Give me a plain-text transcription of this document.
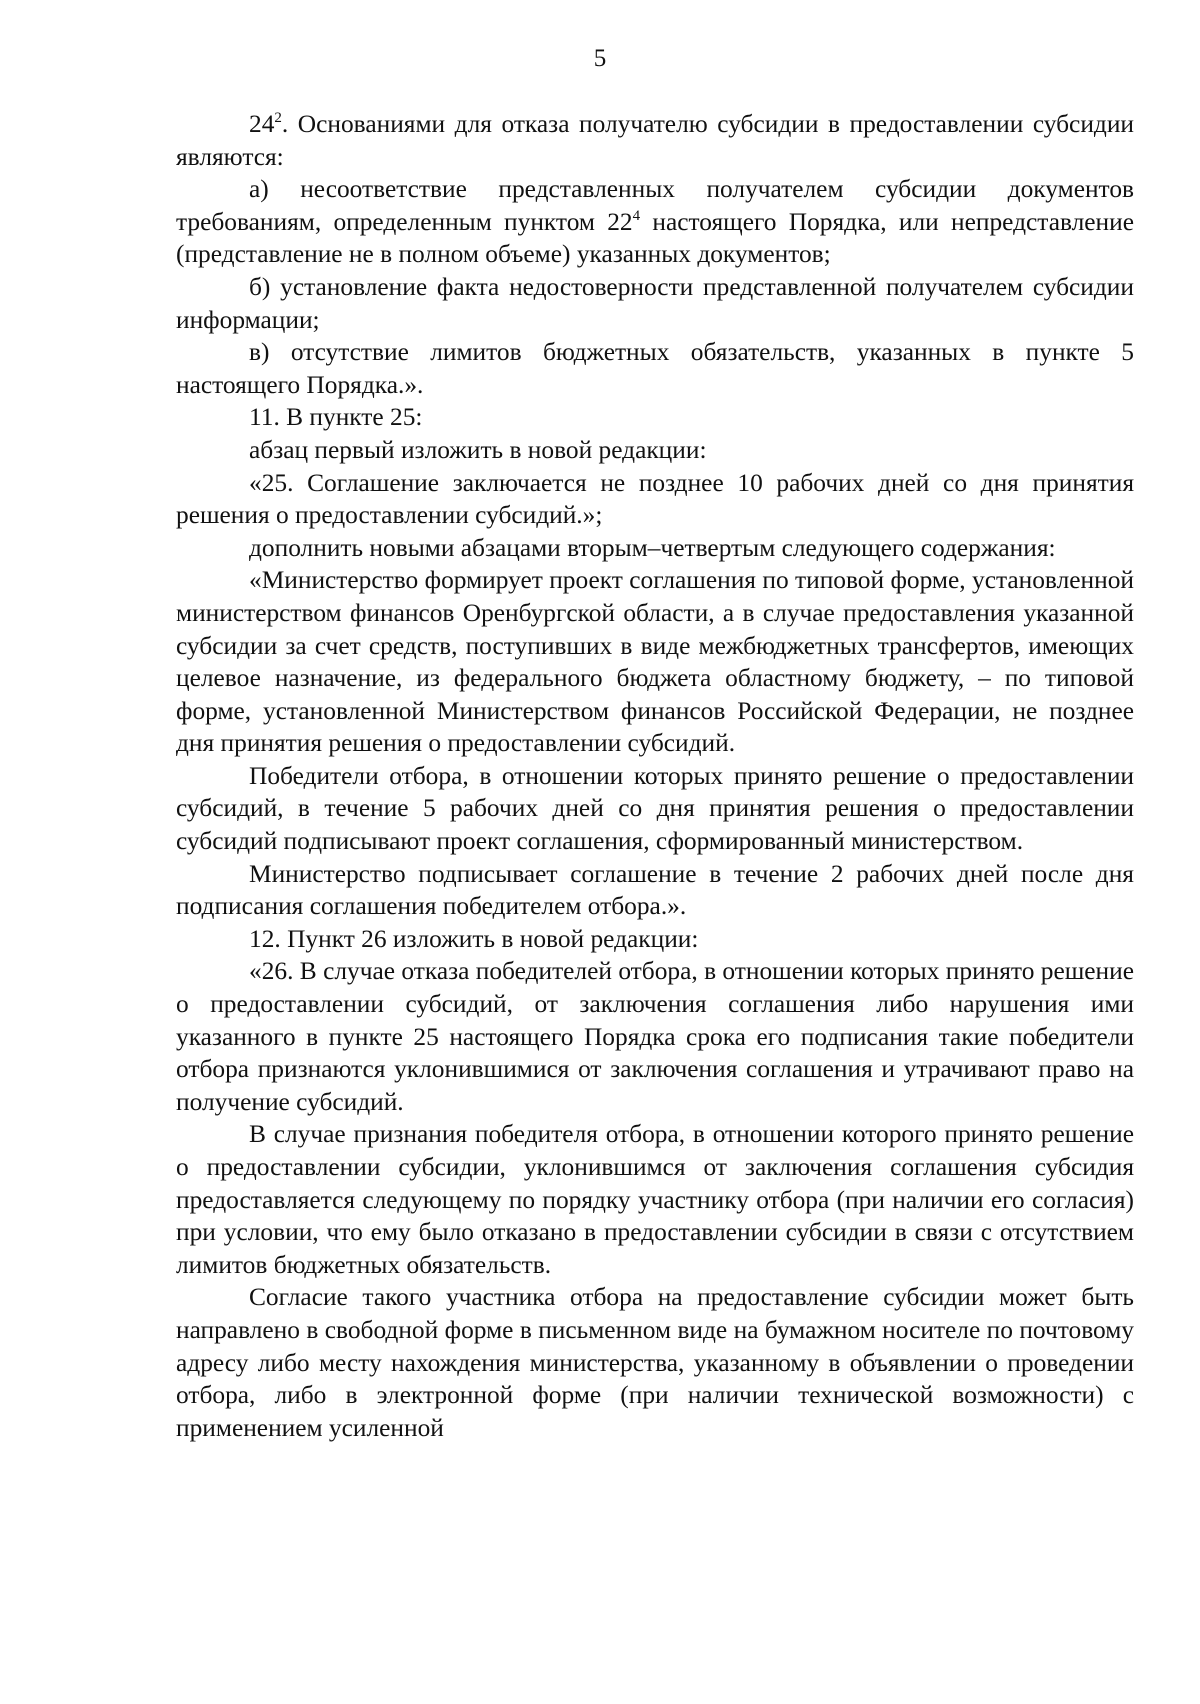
5

$24^2$. Основаниями для отказа получателю субсидии в предоставлении субсидии являются:

а) несоответствие представленных получателем субсидии документов требованиям, определенным пунктом $22^4$ настоящего Порядка, или непредставление (представление не в полном объеме) указанных документов;

б) установление факта недостоверности представленной получателем субсидии информации;

в) отсутствие лимитов бюджетных обязательств, указанных в пункте 5 настоящего Порядка.».

11. В пункте 25:

абзац первый изложить в новой редакции:

«25. Соглашение заключается не позднее 10 рабочих дней со дня принятия решения о предоставлении субсидий.»;

дополнить новыми абзацами вторым–четвертым следующего содержания:

«Министерство формирует проект соглашения по типовой форме, установленной министерством финансов Оренбургской области, а в случае предоставления указанной субсидии за счет средств, поступивших в виде межбюджетных трансфертов, имеющих целевое назначение, из федерального бюджета областному бюджету, – по типовой форме, установленной Министерством финансов Российской Федерации, не позднее дня принятия решения о предоставлении субсидий.

Победители отбора, в отношении которых принято решение о предоставлении субсидий, в течение 5 рабочих дней со дня принятия решения о предоставлении субсидий подписывают проект соглашения, сформированный министерством.

Министерство подписывает соглашение в течение 2 рабочих дней после дня подписания соглашения победителем отбора.».

12. Пункт 26 изложить в новой редакции:

«26. В случае отказа победителей отбора, в отношении которых принято решение о предоставлении субсидий, от заключения соглашения либо нарушения ими указанного в пункте 25 настоящего Порядка срока его подписания такие победители отбора признаются уклонившимися от заключения соглашения и утрачивают право на получение субсидий.

В случае признания победителя отбора, в отношении которого принято решение о предоставлении субсидии, уклонившимся от заключения соглашения субсидия предоставляется следующему по порядку участнику отбора (при наличии его согласия) при условии, что ему было отказано в предоставлении субсидии в связи с отсутствием лимитов бюджетных обязательств.

Согласие такого участника отбора на предоставление субсидии может быть направлено в свободной форме в письменном виде на бумажном носителе по почтовому адресу либо месту нахождения министерства, указанному в объявлении о проведении отбора, либо в электронной форме (при наличии технической возможности) с применением усиленной
